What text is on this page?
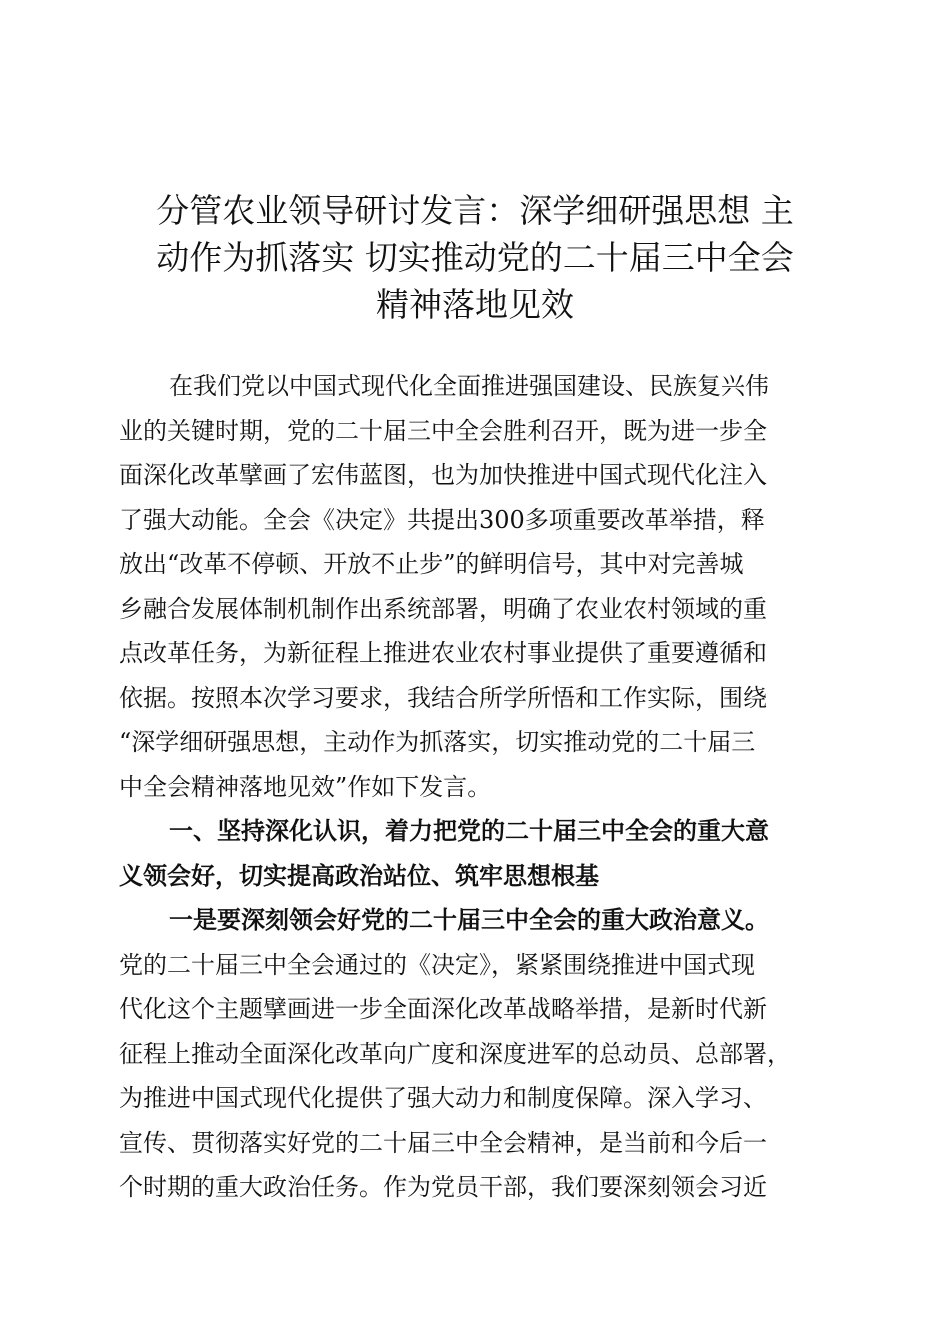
分管农业领导研讨发言：深学细研强思想 主
动作为抓落实 切实推动党的二十届三中全会
精神落地见效
在我们党以中国式现代化全面推进强国建设、民族复兴伟
业的关键时期，党的二十届三中全会胜利召开，既为进一步全
面深化改革擘画了宏伟蓝图，也为加快推进中国式现代化注入
了强大动能。全会《决定》共提出300多项重要改革举措，释
放出“改革不停顿、开放不止步”的鲜明信号，其中对完善城
乡融合发展体制机制作出系统部署，明确了农业农村领域的重
点改革任务，为新征程上推进农业农村事业提供了重要遵循和
依据。按照本次学习要求，我结合所学所悟和工作实际，围绕
“深学细研强思想，主动作为抓落实，切实推动党的二十届三
中全会精神落地见效”作如下发言。
一、坚持深化认识，着力把党的二十届三中全会的重大意
义领会好，切实提高政治站位、筑牢思想根基
一是要深刻领会好党的二十届三中全会的重大政治意义。
党的二十届三中全会通过的《决定》，紧紧围绕推进中国式现
代化这个主题擘画进一步全面深化改革战略举措，是新时代新
征程上推动全面深化改革向广度和深度进军的总动员、总部署，
为推进中国式现代化提供了强大动力和制度保障。深入学习、
宣传、贯彻落实好党的二十届三中全会精神，是当前和今后一
个时期的重大政治任务。作为党员干部，我们要深刻领会习近
